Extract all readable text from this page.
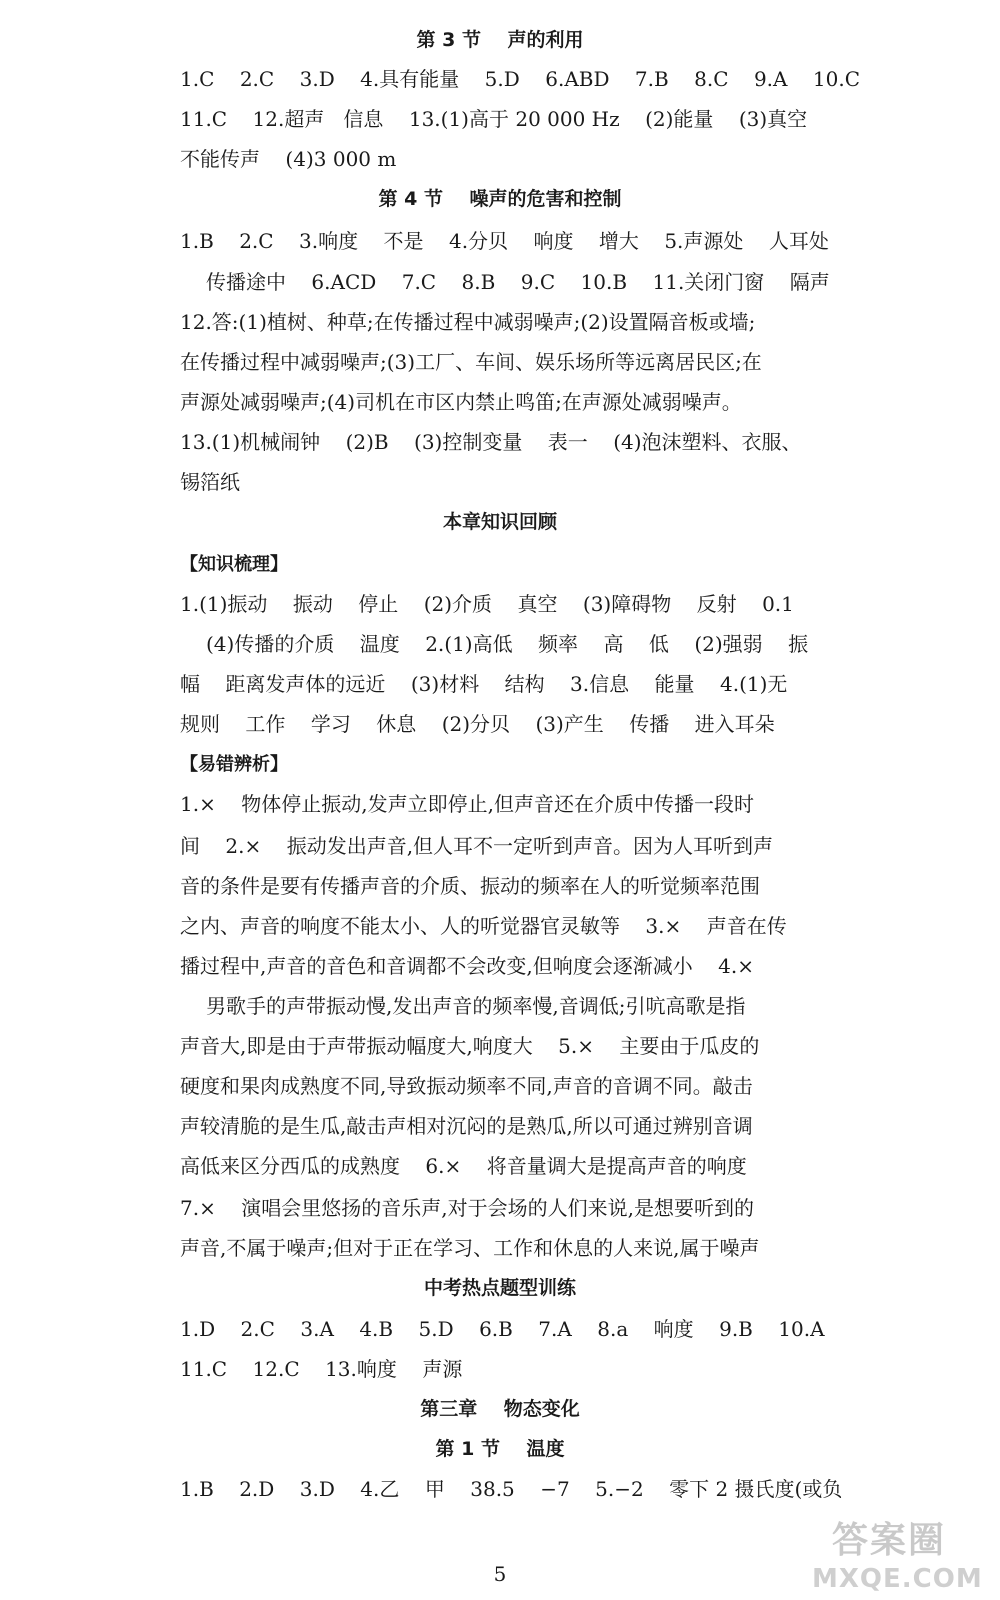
第 3 节    声的利用
1.C    2.C    3.D    4.具有能量    5.D    6.ABD    7.B    8.C    9.A    10.C
11.C    12.超声   信息    13.(1)高于 20 000 Hz    (2)能量    (3)真空
不能传声    (4)3 000 m
第 4 节    噪声的危害和控制
1.B    2.C    3.响度    不是    4.分贝    响度    增大    5.声源处    人耳处
传播途中    6.ACD    7.C    8.B    9.C    10.B    11.关闭门窗    隔声
12.答:(1)植树、种草;在传播过程中减弱噪声;(2)设置隔音板或墙;
在传播过程中减弱噪声;(3)工厂、车间、娱乐场所等远离居民区;在
声源处减弱噪声;(4)司机在市区内禁止鸣笛;在声源处减弱噪声。
13.(1)机械闹钟    (2)B    (3)控制变量    表一    (4)泡沫塑料、衣服、
锡箔纸
本章知识回顾
【知识梳理】
1.(1)振动    振动    停止    (2)介质    真空    (3)障碍物    反射    0.1
(4)传播的介质    温度    2.(1)高低    频率    高    低    (2)强弱    振
幅    距离发声体的远近    (3)材料    结构    3.信息    能量    4.(1)无
规则    工作    学习    休息    (2)分贝    (3)产生    传播    进入耳朵
【易错辨析】
1.×    物体停止振动,发声立即停止,但声音还在介质中传播一段时
间    2.×    振动发出声音,但人耳不一定听到声音。因为人耳听到声
音的条件是要有传播声音的介质、振动的频率在人的听觉频率范围
之内、声音的响度不能太小、人的听觉器官灵敏等    3.×    声音在传
播过程中,声音的音色和音调都不会改变,但响度会逐渐减小    4.×
男歌手的声带振动慢,发出声音的频率慢,音调低;引吭高歌是指
声音大,即是由于声带振动幅度大,响度大    5.×    主要由于瓜皮的
硬度和果肉成熟度不同,导致振动频率不同,声音的音调不同。敲击
声较清脆的是生瓜,敲击声相对沉闷的是熟瓜,所以可通过辨别音调
高低来区分西瓜的成熟度    6.×    将音量调大是提高声音的响度
7.×    演唱会里悠扬的音乐声,对于会场的人们来说,是想要听到的
声音,不属于噪声;但对于正在学习、工作和休息的人来说,属于噪声
中考热点题型训练
1.D    2.C    3.A    4.B    5.D    6.B    7.A    8.a    响度    9.B    10.A
11.C    12.C    13.响度    声源
第三章    物态变化
第 1 节    温度
1.B    2.D    3.D    4.乙    甲    38.5    −7    5.−2    零下 2 摄氏度(或负
5
答案圈
MXQE.COM
